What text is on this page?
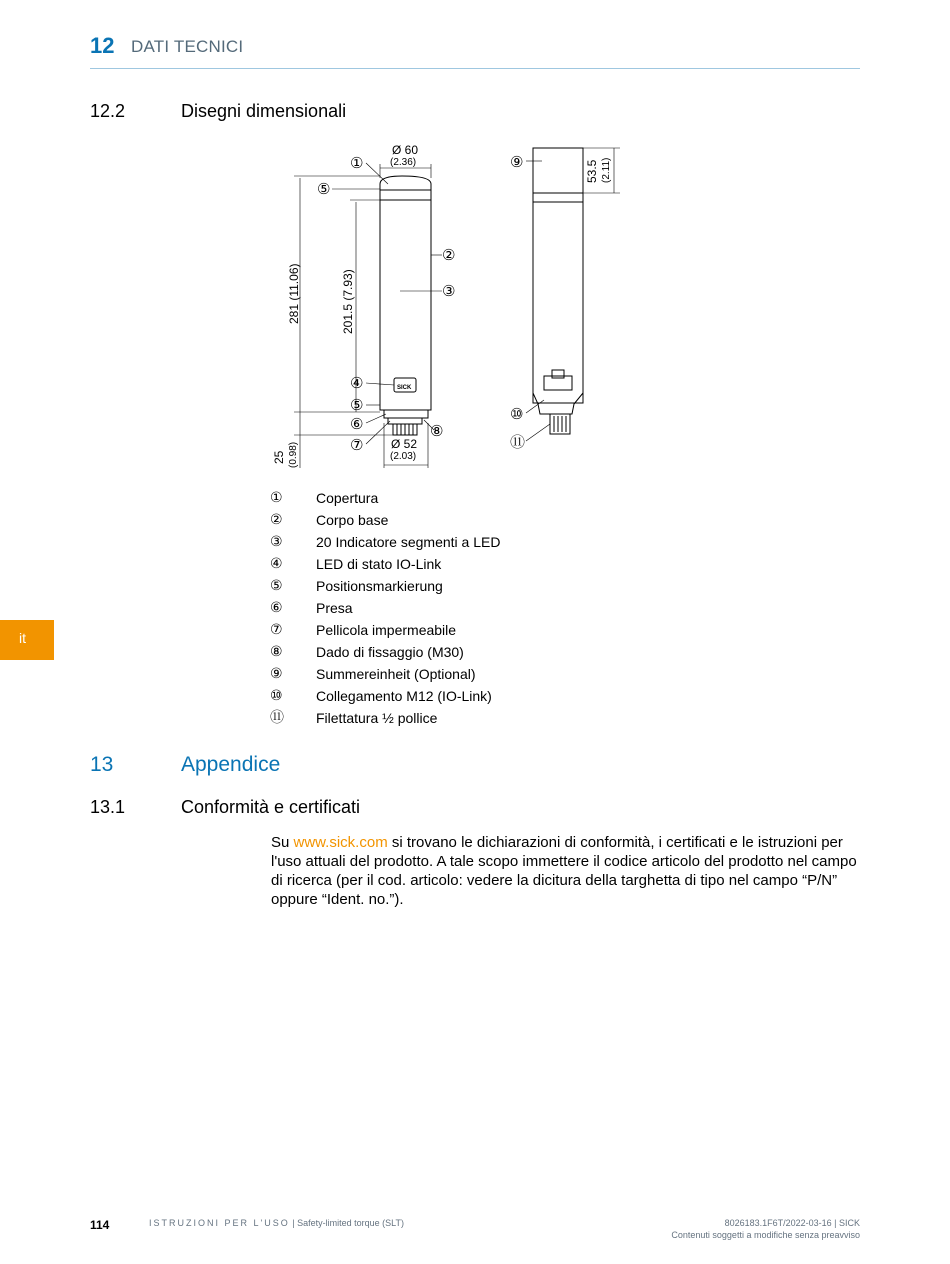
12 DATI TECNICI
12.2	Disegni dimensionali
Ø 60
(2.36)
281 (11.06)	201.5 (7.93)
Ø 52
(2.03)
25 (0.98)
53.5 (2.11)
SICK
①
⑤
②
③
④
⑤
⑥
⑦
⑧
⑨
⑩
⑪
①	Copertura
②	Corpo base
③	20 Indicatore segmenti a LED
④	LED di stato IO-Link
⑤	Positionsmarkierung
⑥	Presa
⑦	Pellicola impermeabile
⑧	Dado di fissaggio (M30)
⑨	Summereinheit (Optional)
⑩	Collegamento M12 (IO-Link)
⑪	Filettatura ½ pollice
13	Appendice
13.1	Conformità e certificati
Su www.sick.com si trovano le dichiarazioni di conformità, i certificati e le istruzioni per l'uso attuali del prodotto. A tale scopo immettere il codice articolo del prodotto nel campo di ricerca (per il cod. articolo: vedere la dicitura della targhetta di tipo nel campo “P/N” oppure “Ident. no.”).
it
114	ISTRUZIONI PER L'USO | Safety-limited torque (SLT)	8026183.1F6T/2022-03-16 | SICK
Contenuti soggetti a modifiche senza preavviso
